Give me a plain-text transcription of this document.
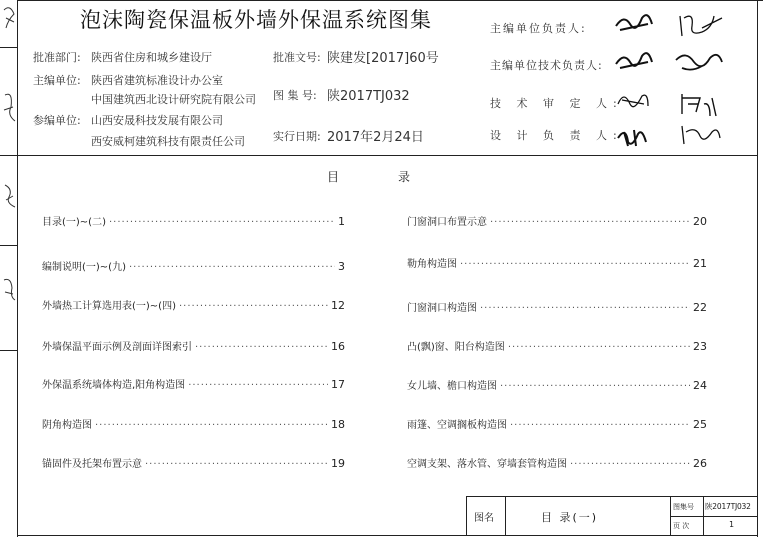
泡沫陶瓷保温板外墙外保温系统图集
批准部门: 陕西省住房和城乡建设厅	批准文号: 陕建发[2017]60号
主编单位: 陕西省建筑标准设计办公室
中国建筑西北设计研究院有限公司 图 集 号: 陕2017TJ032
参编单位: 山西安晟科技发展有限公司
西安威柯建筑科技有限责任公司	实行日期: 2017年2月24日
主编单位负责人:
主编单位技术负责人:
技 术 审 定 人:
设 计 负 责 人:
目	录
目录(一)~(二) ·····	1
编制说明(一)~(九) ·····	3
外墙热工计算选用表(一)~(四) ·····	12
外墙保温平面示例及剖面详图索引 ·····	16
外保温系统墙体构造,阳角构造图 ·····	17
阴角构造图 ·····	18
锚固件及托架布置示意 ·····	19
门窗洞口布置示意 ·····	20
勒角构造图 ·····	21
门窗洞口构造图 ·····	22
凸(飘)窗、阳台构造图 ·····	23
女儿墙、檐口构造图 ·····	24
雨篷、空调搁板构造图 ·····	25
空调支架、落水管、穿墙套管构造图 ·····	26
图名	目 录(一)
图集号 陕2017TJ032
页 次	1
